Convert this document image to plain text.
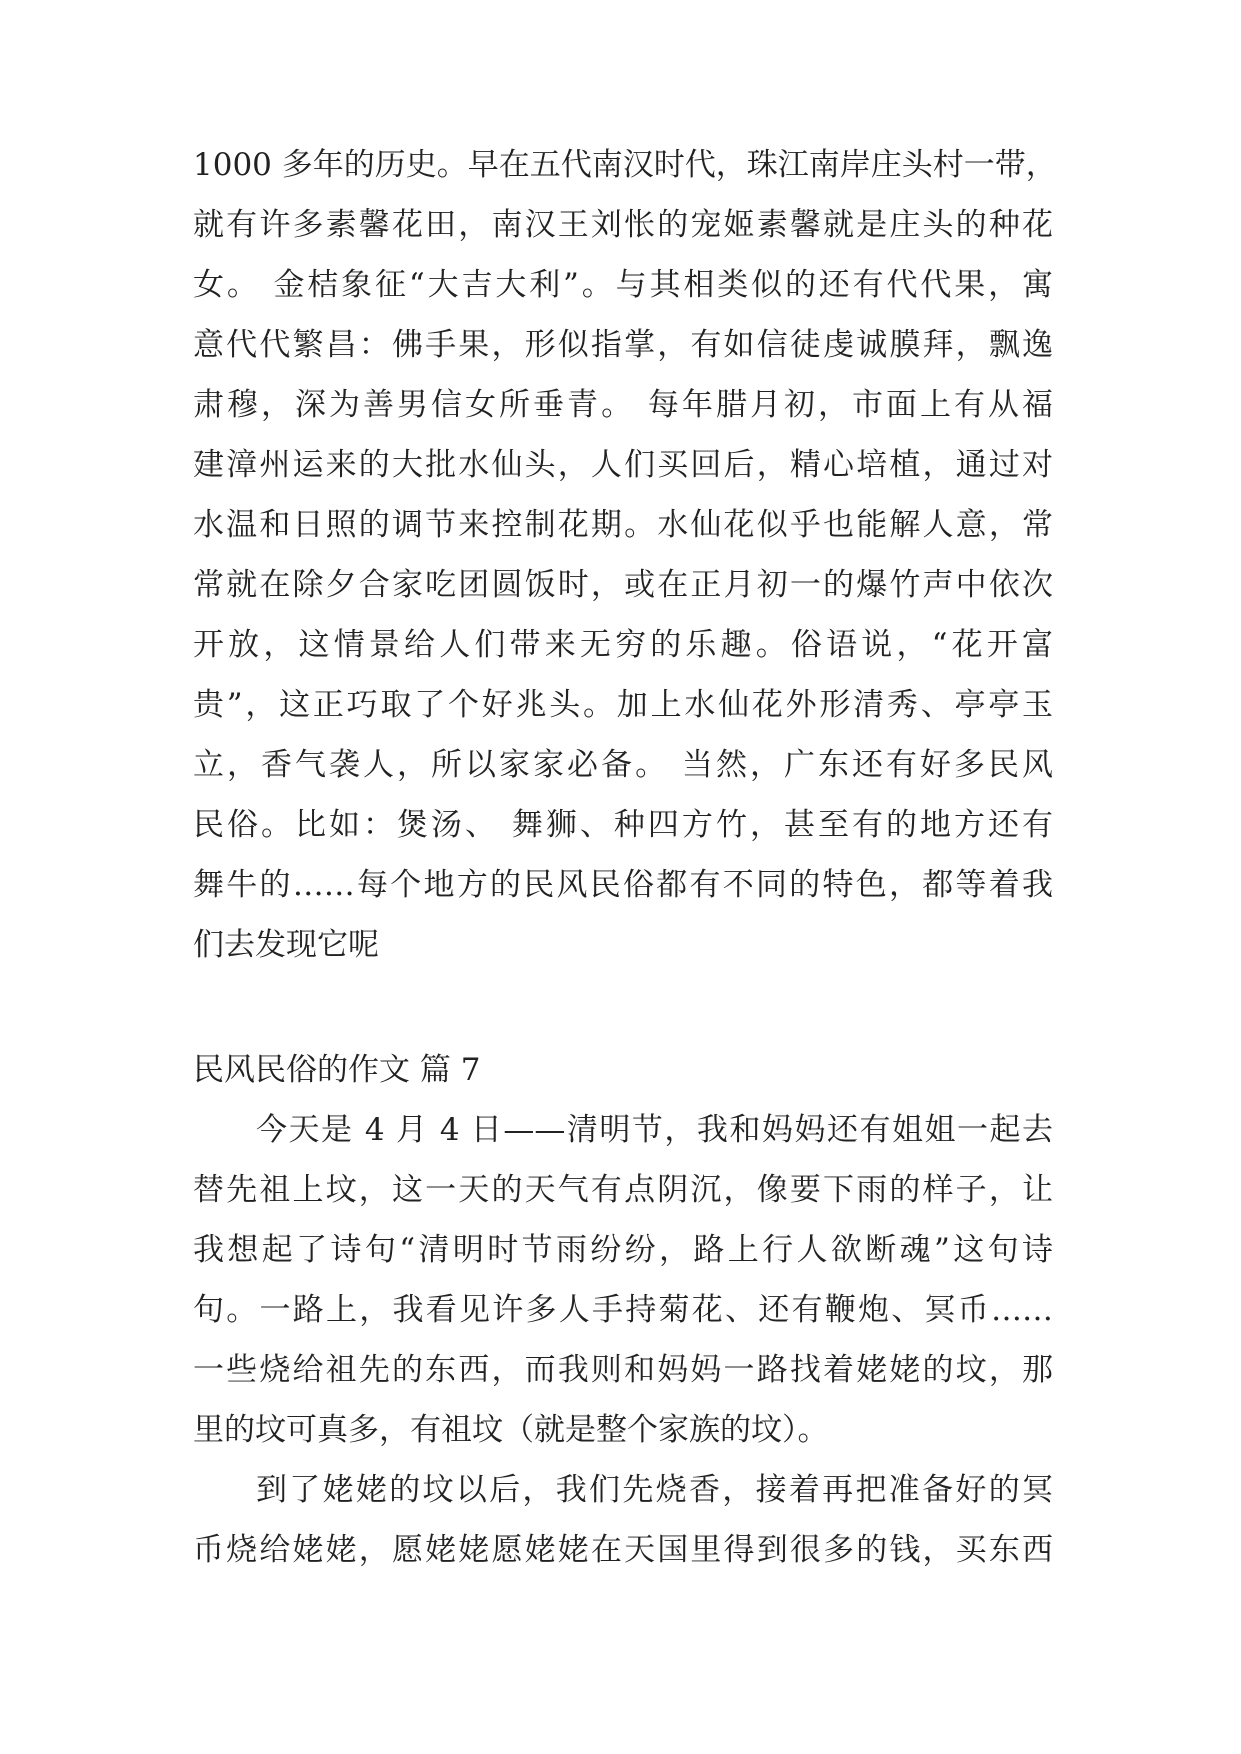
1000 多年的历史。早在五代南汉时代，珠江南岸庄头村一带，

就有许多素馨花田，南汉王刘怅的宠姬素馨就是庄头的种花

女。 金桔象征“大吉大利”。与其相类似的还有代代果，寓

意代代繁昌：佛手果，形似指掌，有如信徒虔诚膜拜，飘逸

肃穆，深为善男信女所垂青。 每年腊月初，市面上有从福

建漳州运来的大批水仙头，人们买回后，精心培植，通过对

水温和日照的调节来控制花期。水仙花似乎也能解人意，常

常就在除夕合家吃团圆饭时，或在正月初一的爆竹声中依次

开放，这情景给人们带来无穷的乐趣。俗语说，“花开富

贵”，这正巧取了个好兆头。加上水仙花外形清秀、亭亭玉

立，香气袭人，所以家家必备。 当然，广东还有好多民风

民俗。比如：煲汤、 舞狮、种四方竹，甚至有的地方还有

舞牛的……每个地方的民风民俗都有不同的特色，都等着我

们去发现它呢

民风民俗的作文 篇 7

今天是 4 月 4 日——清明节，我和妈妈还有姐姐一起去

替先祖上坟，这一天的天气有点阴沉，像要下雨的样子，让

我想起了诗句“清明时节雨纷纷，路上行人欲断魂”这句诗

句。一路上，我看见许多人手持菊花、还有鞭炮、冥币……

一些烧给祖先的东西，而我则和妈妈一路找着姥姥的坟，那

里的坟可真多，有祖坟（就是整个家族的坟）。

到了姥姥的坟以后，我们先烧香，接着再把准备好的冥

币烧给姥姥，愿姥姥愿姥姥在天国里得到很多的钱，买东西
